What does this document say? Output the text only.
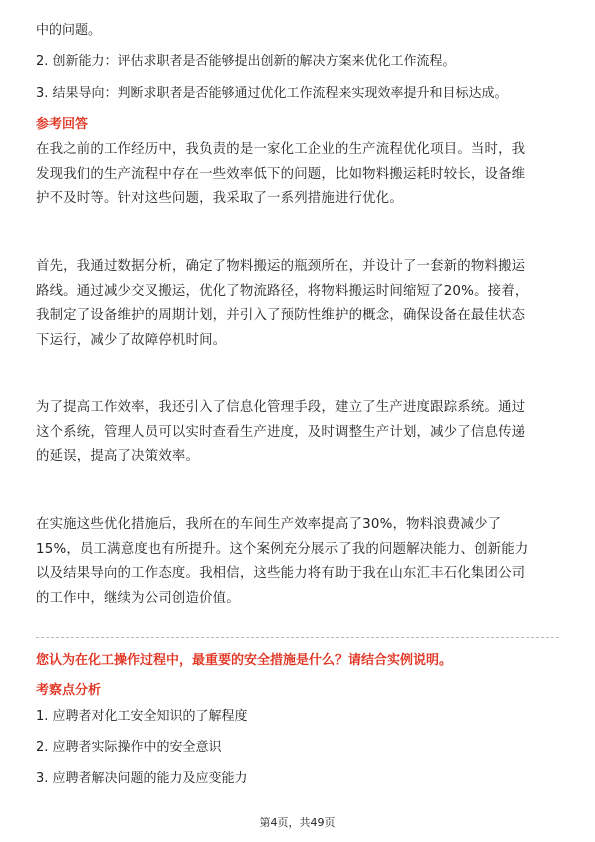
中的问题。

2. 创新能力：评估求职者是否能够提出创新的解决方案来优化工作流程。

3. 结果导向：判断求职者是否能够通过优化工作流程来实现效率提升和目标达成。

参考回答

在我之前的工作经历中，我负责的是一家化工企业的生产流程优化项目。当时，我
发现我们的生产流程中存在一些效率低下的问题，比如物料搬运耗时较长，设备维
护不及时等。针对这些问题，我采取了一系列措施进行优化。
首先，我通过数据分析，确定了物料搬运的瓶颈所在，并设计了一套新的物料搬运
路线。通过减少交叉搬运，优化了物流路径，将物料搬运时间缩短了20%。接着，
我制定了设备维护的周期计划，并引入了预防性维护的概念，确保设备在最佳状态
下运行，减少了故障停机时间。
为了提高工作效率，我还引入了信息化管理手段，建立了生产进度跟踪系统。通过
这个系统，管理人员可以实时查看生产进度，及时调整生产计划，减少了信息传递
的延误，提高了决策效率。
在实施这些优化措施后，我所在的车间生产效率提高了30%，物料浪费减少了
15%，员工满意度也有所提升。这个案例充分展示了我的问题解决能力、创新能力
以及结果导向的工作态度。我相信，这些能力将有助于我在山东汇丰石化集团公司
的工作中，继续为公司创造价值。

您认为在化工操作过程中，最重要的安全措施是什么？请结合实例说明。

考察点分析

1. 应聘者对化工安全知识的了解程度

2. 应聘者实际操作中的安全意识

3. 应聘者解决问题的能力及应变能力

第4页，共49页
